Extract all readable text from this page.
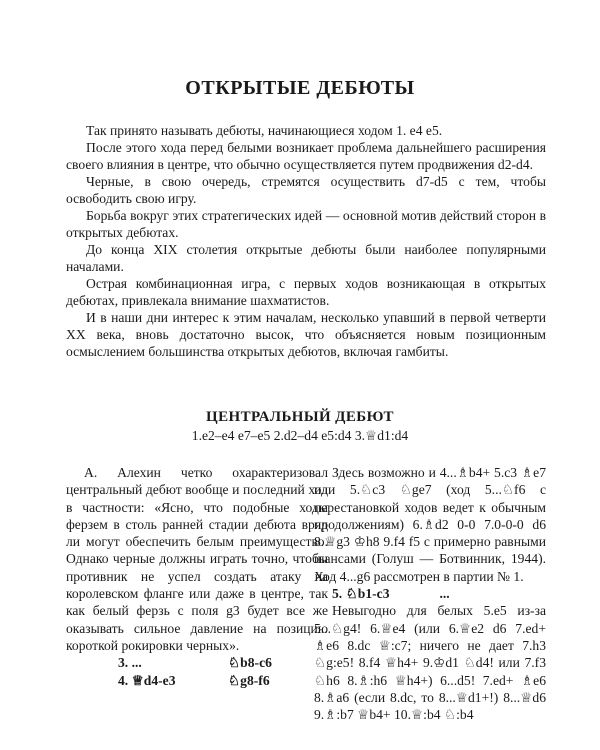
ОТКРЫТЫЕ ДЕБЮТЫ

Так принято называть дебюты, начинающиеся ходом 1. e4 e5.

После этого хода перед белыми возникает проблема дальнейшего расширения своего влияния в центре, что обычно осуществляется путем продвижения d2-d4.

Черные, в свою очередь, стремятся осуществить d7-d5 с тем, чтобы освободить свою игру.

Борьба вокруг этих стратегических идей — основной мотив действий сторон в открытых дебютах.

До конца XIX столетия открытые дебюты были наиболее популярными началами.

Острая комбинационная игра, с первых ходов возникающая в открытых дебютах, привлекала внимание шахматистов.

И в наши дни интерес к этим началам, несколько упавший в первой четверти XX века, вновь достаточно высок, что объясняется новым позиционным осмыслением большинства открытых дебютов, включая гамбиты.

ЦЕНТРАЛЬНЫЙ ДЕБЮТ
1.e2–e4 e7–e5 2.d2–d4 e5:d4 3.♕d1:d4

А. Алехин четко охарактеризовал центральный дебют вообще и последний ход в частности: «Ясно, что подобные ходы ферзем в столь ранней стадии дебюта вряд ли могут обеспечить белым преимущество. Однако черные должны играть точно, чтобы противник не успел создать атаку на королевском фланге или даже в центре, так как белый ферзь с поля g3 будет все же оказывать сильное давление на позицию короткой рокировки черных».

3. ...	♘b8-c6
4. ♕d4-e3	♘g8-f6

Здесь возможно и 4...♗b4+ 5.c3 ♗e7 или 5.♘c3 ♘ge7 (ход 5...♘f6 с перестановкой ходов ведет к обычным продолжениям) 6.♗d2 0-0 7.0-0-0 d6 8.♕g3 ♔h8 9.f4 f5 с примерно равными шансами (Голуш — Ботвинник, 1944). Ход 4...g6 рассмотрен в партии № 1.

5. ♘b1-c3	...

Невыгодно для белых 5.e5 из-за 5...♘g4! 6.♕e4 (или 6.♕e2 d6 7.ed+ ♗e6 8.dc ♕:c7; ничего не дает 7.h3 ♘g:e5! 8.f4 ♕h4+ 9.♔d1 ♘d4! или 7.f3 ♘h6 8.♗:h6 ♕h4+) 6...d5! 7.ed+ ♗e6 8.♗a6 (если 8.dc, то 8...♕d1+!) 8...♕d6 9.♗:b7 ♕b4+ 10.♕:b4 ♘:b4
